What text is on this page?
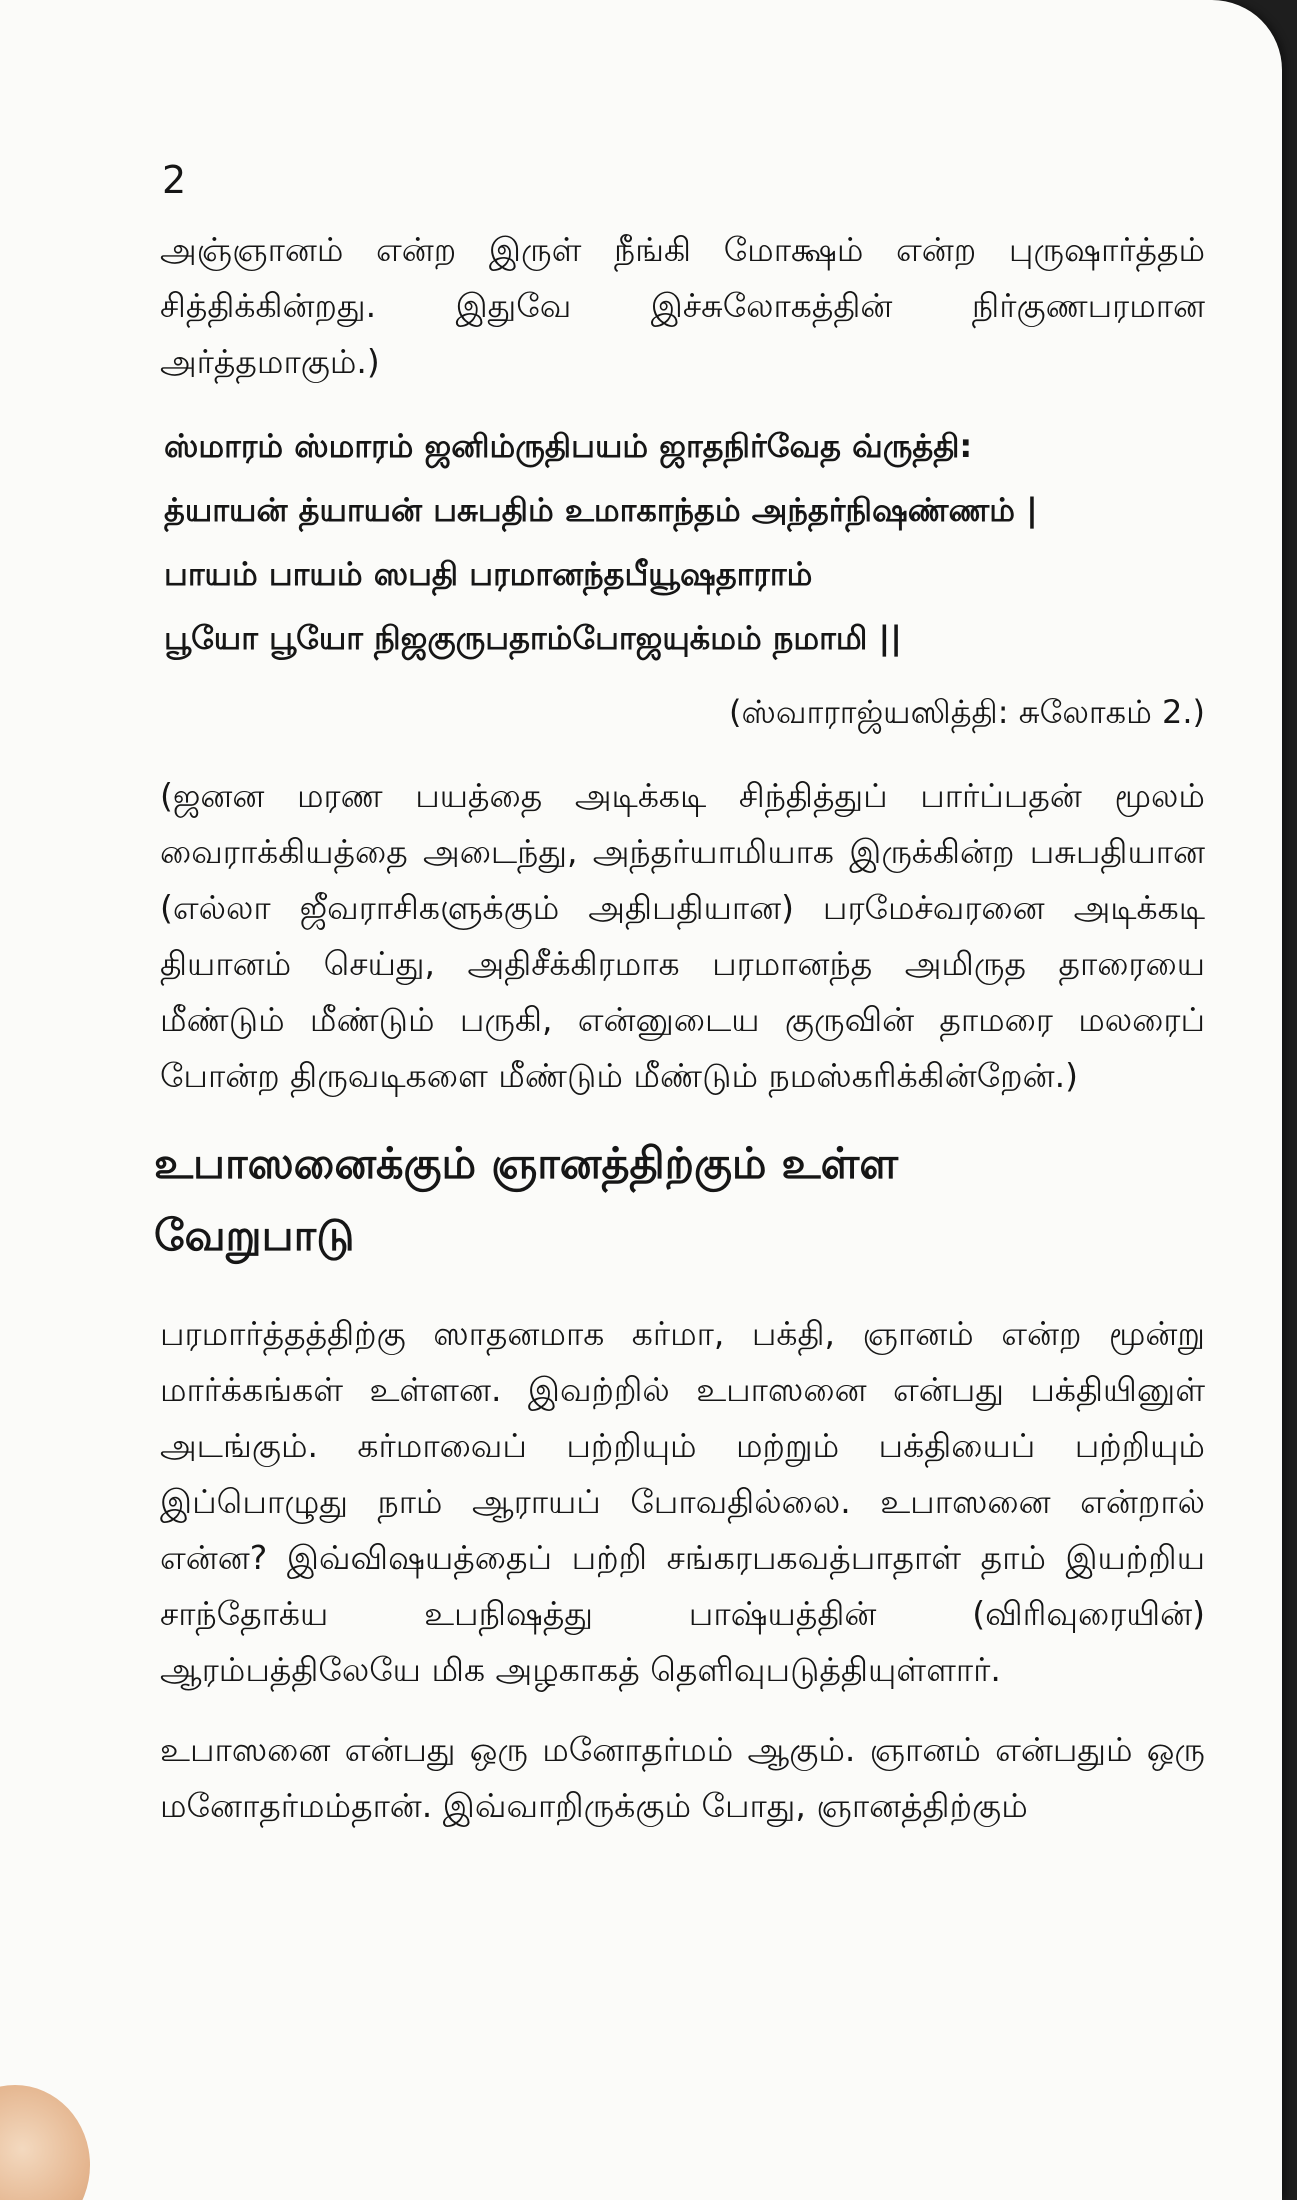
2

அஞ்ஞானம் என்ற இருள் நீங்கி மோக்ஷம் என்ற புருஷார்த்தம் சித்திக்கின்றது. இதுவே இச்சுலோகத்தின் நிர்குணபரமான அர்த்தமாகும்.)

ஸ்மாரம் ஸ்மாரம் ஜனிம்ருதிபயம் ஜாதநிர்வேத வ்ருத்தி:
த்யாயன் த்யாயன் பசுபதிம் உமாகாந்தம் அந்தர்நிஷண்ணம் |
பாயம் பாயம் ஸபதி பரமானந்தபீயூஷதாராம்
பூயோ பூயோ நிஜகுருபதாம்போஜயுக்மம் நமாமி ||
(ஸ்வாராஜ்யஸித்தி: சுலோகம் 2.)

(ஜனன மரண பயத்தை அடிக்கடி சிந்தித்துப் பார்ப்பதன் மூலம் வைராக்கியத்தை அடைந்து, அந்தர்யாமியாக இருக்கின்ற பசுபதியான (எல்லா ஜீவராசிகளுக்கும் அதிபதியான) பரமேச்வரனை அடிக்கடி தியானம் செய்து, அதிசீக்கிரமாக பரமானந்த அமிருத தாரையை மீண்டும் மீண்டும் பருகி, என்னுடைய குருவின் தாமரை மலரைப் போன்ற திருவடிகளை மீண்டும் மீண்டும் நமஸ்கரிக்கின்றேன்.)

உபாஸனைக்கும் ஞானத்திற்கும் உள்ள
வேறுபாடு

பரமார்த்தத்திற்கு ஸாதனமாக கர்மா, பக்தி, ஞானம் என்ற மூன்று மார்க்கங்கள் உள்ளன. இவற்றில் உபாஸனை என்பது பக்தியினுள் அடங்கும். கர்மாவைப் பற்றியும் மற்றும் பக்தியைப் பற்றியும் இப்பொழுது நாம் ஆராயப் போவதில்லை. உபாஸனை என்றால் என்ன? இவ்விஷயத்தைப் பற்றி சங்கரபகவத்பாதாள் தாம் இயற்றிய சாந்தோக்ய உபநிஷத்து பாஷ்யத்தின் (விரிவுரையின்) ஆரம்பத்திலேயே மிக அழகாகத் தெளிவுபடுத்தியுள்ளார்.

உபாஸனை என்பது ஒரு மனோதர்மம் ஆகும். ஞானம் என்பதும் ஒரு மனோதர்மம்தான். இவ்வாறிருக்கும் போது, ஞானத்திற்கும்
